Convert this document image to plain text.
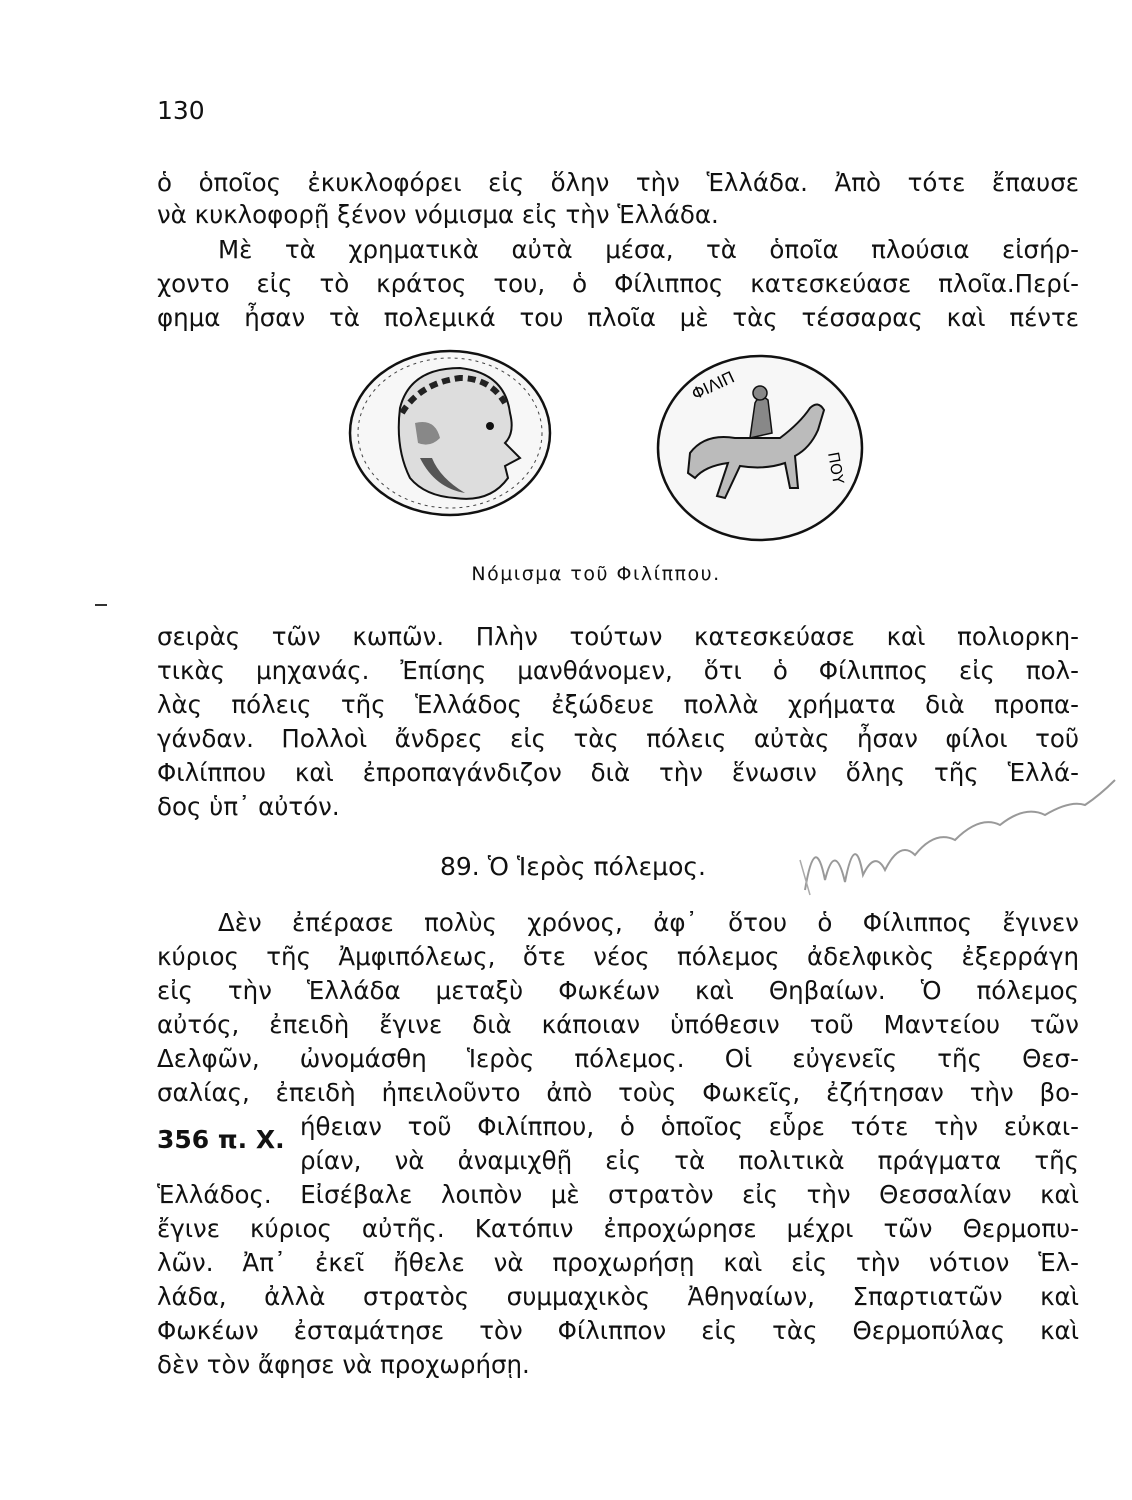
130
ὁ ὁποῖος ἐκυκλοφόρει εἰς ὅλην τὴν Ἑλλάδα. Ἀπὸ τότε ἔπαυσε
νὰ κυκλοφορῇ ξένον νόμισμα εἰς τὴν Ἑλλάδα.
Μὲ τὰ χρηματικὰ αὐτὰ μέσα, τὰ ὁποῖα πλούσια εἰσήρ-
χοντο εἰς τὸ κράτος του, ὁ Φίλιππος κατεσκεύασε πλοῖα.Περί-
φημα ἦσαν τὰ πολεμικά του πλοῖα μὲ τὰς τέσσαρας καὶ πέντε
ΦΙΛΙΠ
ΠΟΥ
Νόμισμα τοῦ Φιλίππου.
σειρὰς τῶν κωπῶν. Πλὴν τούτων κατεσκεύασε καὶ πολιορκη-
τικὰς μηχανάς. Ἐπίσης μανθάνομεν, ὅτι ὁ Φίλιππος εἰς πολ-
λὰς πόλεις τῆς Ἑλλάδος ἐξώδευε πολλὰ χρήματα διὰ προπα-
γάνδαν. Πολλοὶ ἄνδρες εἰς τὰς πόλεις αὐτὰς ἦσαν φίλοι τοῦ
Φιλίππου καὶ ἐπροπαγάνδιζον διὰ τὴν ἕνωσιν ὅλης τῆς Ἑλλά-
δος ὑπ᾿ αὐτόν.
89. Ὁ Ἱερὸς πόλεμος.
Δὲν ἐπέρασε πολὺς χρόνος, ἀφ᾿ ὅτου ὁ Φίλιππος ἔγινεν
κύριος τῆς Ἀμφιπόλεως, ὅτε νέος πόλεμος ἀδελφικὸς ἐξερράγη
εἰς τὴν Ἑλλάδα μεταξὺ Φωκέων καὶ Θηβαίων. Ὁ πόλεμος
αὐτός, ἐπειδὴ ἔγινε διὰ κάποιαν ὑπόθεσιν τοῦ Μαντείου τῶν
Δελφῶν, ὠνομάσθη Ἱερὸς πόλεμος. Οἱ εὐγενεῖς τῆς Θεσ-
σαλίας, ἐπειδὴ ἠπειλοῦντο ἀπὸ τοὺς Φωκεῖς, ἐζήτησαν τὴν βο-
356 π. Χ. ήθειαν τοῦ Φιλίππου, ὁ ὁποῖος εὗρε τότε τὴν εὐκαι-
ρίαν, νὰ ἀναμιχθῇ εἰς τὰ πολιτικὰ πράγματα τῆς
Ἑλλάδος. Εἰσέβαλε λοιπὸν μὲ στρατὸν εἰς τὴν Θεσσαλίαν καὶ
ἔγινε κύριος αὐτῆς. Κατόπιν ἐπροχώρησε μέχρι τῶν Θερμοπυ-
λῶν. Ἀπ᾿ ἐκεῖ ἤθελε νὰ προχωρήσῃ καὶ εἰς τὴν νότιον Ἑλ-
λάδα, ἀλλὰ στρατὸς συμμαχικὸς Ἀθηναίων, Σπαρτιατῶν καὶ
Φωκέων ἐσταμάτησε τὸν Φίλιππον εἰς τὰς Θερμοπύλας καὶ
δὲν τὸν ἄφησε νὰ προχωρήσῃ.
